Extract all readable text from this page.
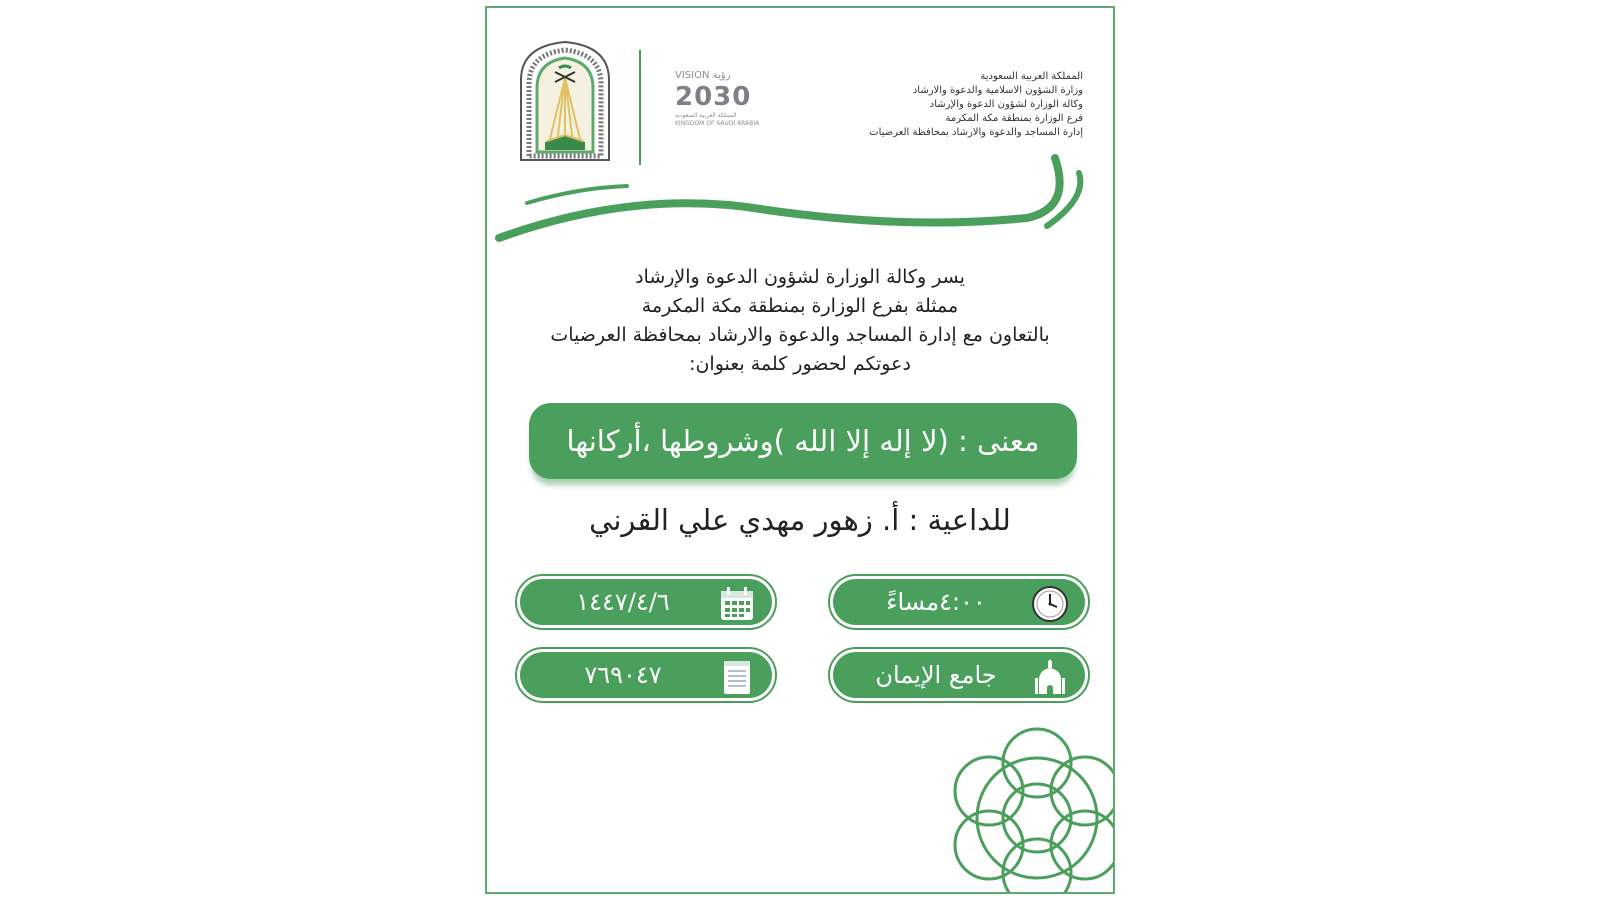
VISION رؤية
2030
المملكة العربية السعودية
KINGDOM OF SAUDI ARABIA
المملكة العربية السعودية
وزارة الشؤون الاسلامية والدعوة والارشاد
وكالة الوزارة لشؤون الدعوة والإرشاد
فرع الوزارة بمنطقة مكة المكرمة
إدارة المساجد والدعوة والارشاد بمحافظة العرضيات
يسر وكالة الوزارة لشؤون الدعوة والإرشاد
ممثلة بفرع الوزارة بمنطقة مكة المكرمة
بالتعاون مع إدارة المساجد والدعوة والارشاد بمحافظة العرضيات
دعوتكم لحضور كلمة بعنوان:
معنى : (لا إله إلا الله )وشروطها ،أركانها
للداعية : أ. زهور مهدي علي القرني
١٤٤٧/٤/٦	٤:٠٠مساءً
٧٦٩٠٤٧	جامع الإيمان
